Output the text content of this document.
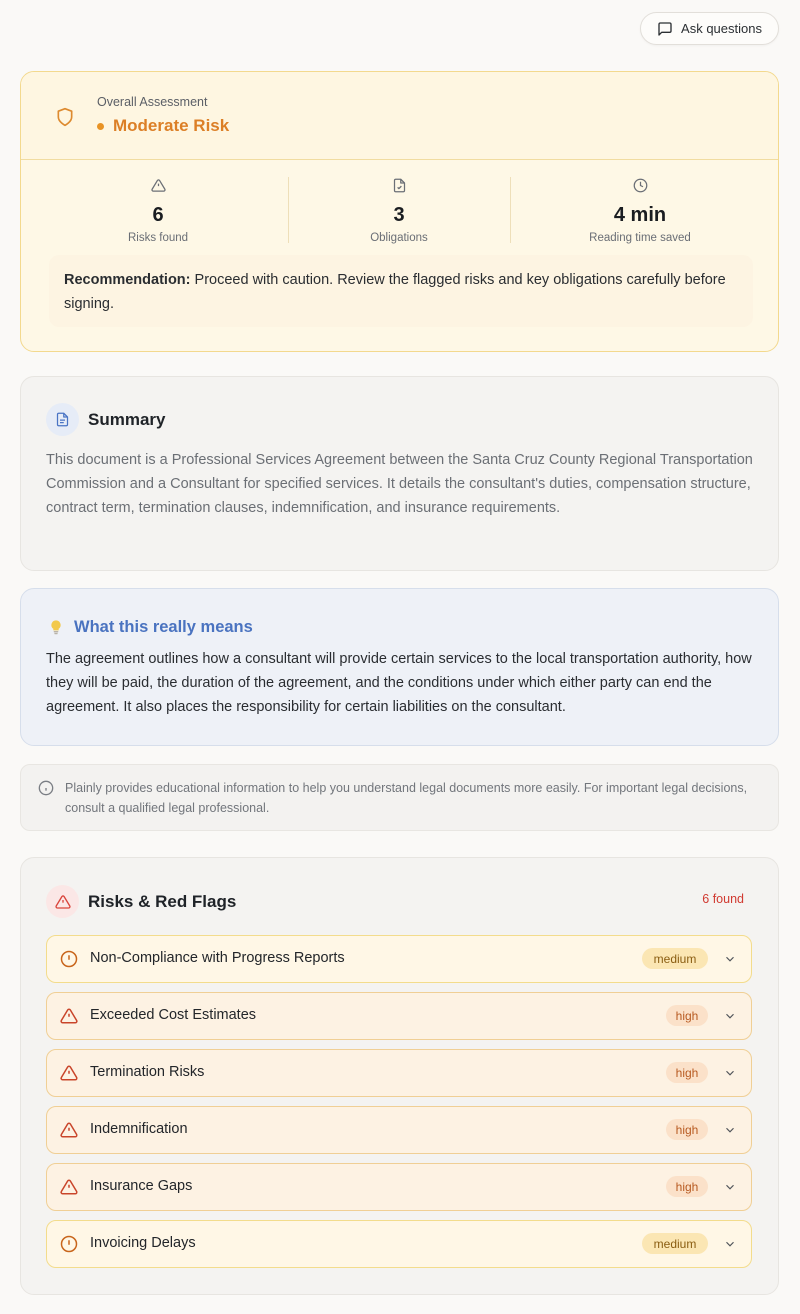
Ask questions
Overall Assessment
Moderate Risk
6
Risks found
3
Obligations
4 min
Reading time saved
Recommendation: Proceed with caution. Review the flagged risks and key obligations carefully before signing.
Summary
This document is a Professional Services Agreement between the Santa Cruz County Regional Transportation Commission and a Consultant for specified services. It details the consultant's duties, compensation structure, contract term, termination clauses, indemnification, and insurance requirements.
What this really means
The agreement outlines how a consultant will provide certain services to the local transportation authority, how they will be paid, the duration of the agreement, and the conditions under which either party can end the agreement. It also places the responsibility for certain liabilities on the consultant.
Plainly provides educational information to help you understand legal documents more easily. For important legal decisions, consult a qualified legal professional.
Risks & Red Flags	6 found
Non-Compliance with Progress Reports	medium
Exceeded Cost Estimates	high
Termination Risks	high
Indemnification	high
Insurance Gaps	high
Invoicing Delays	medium
